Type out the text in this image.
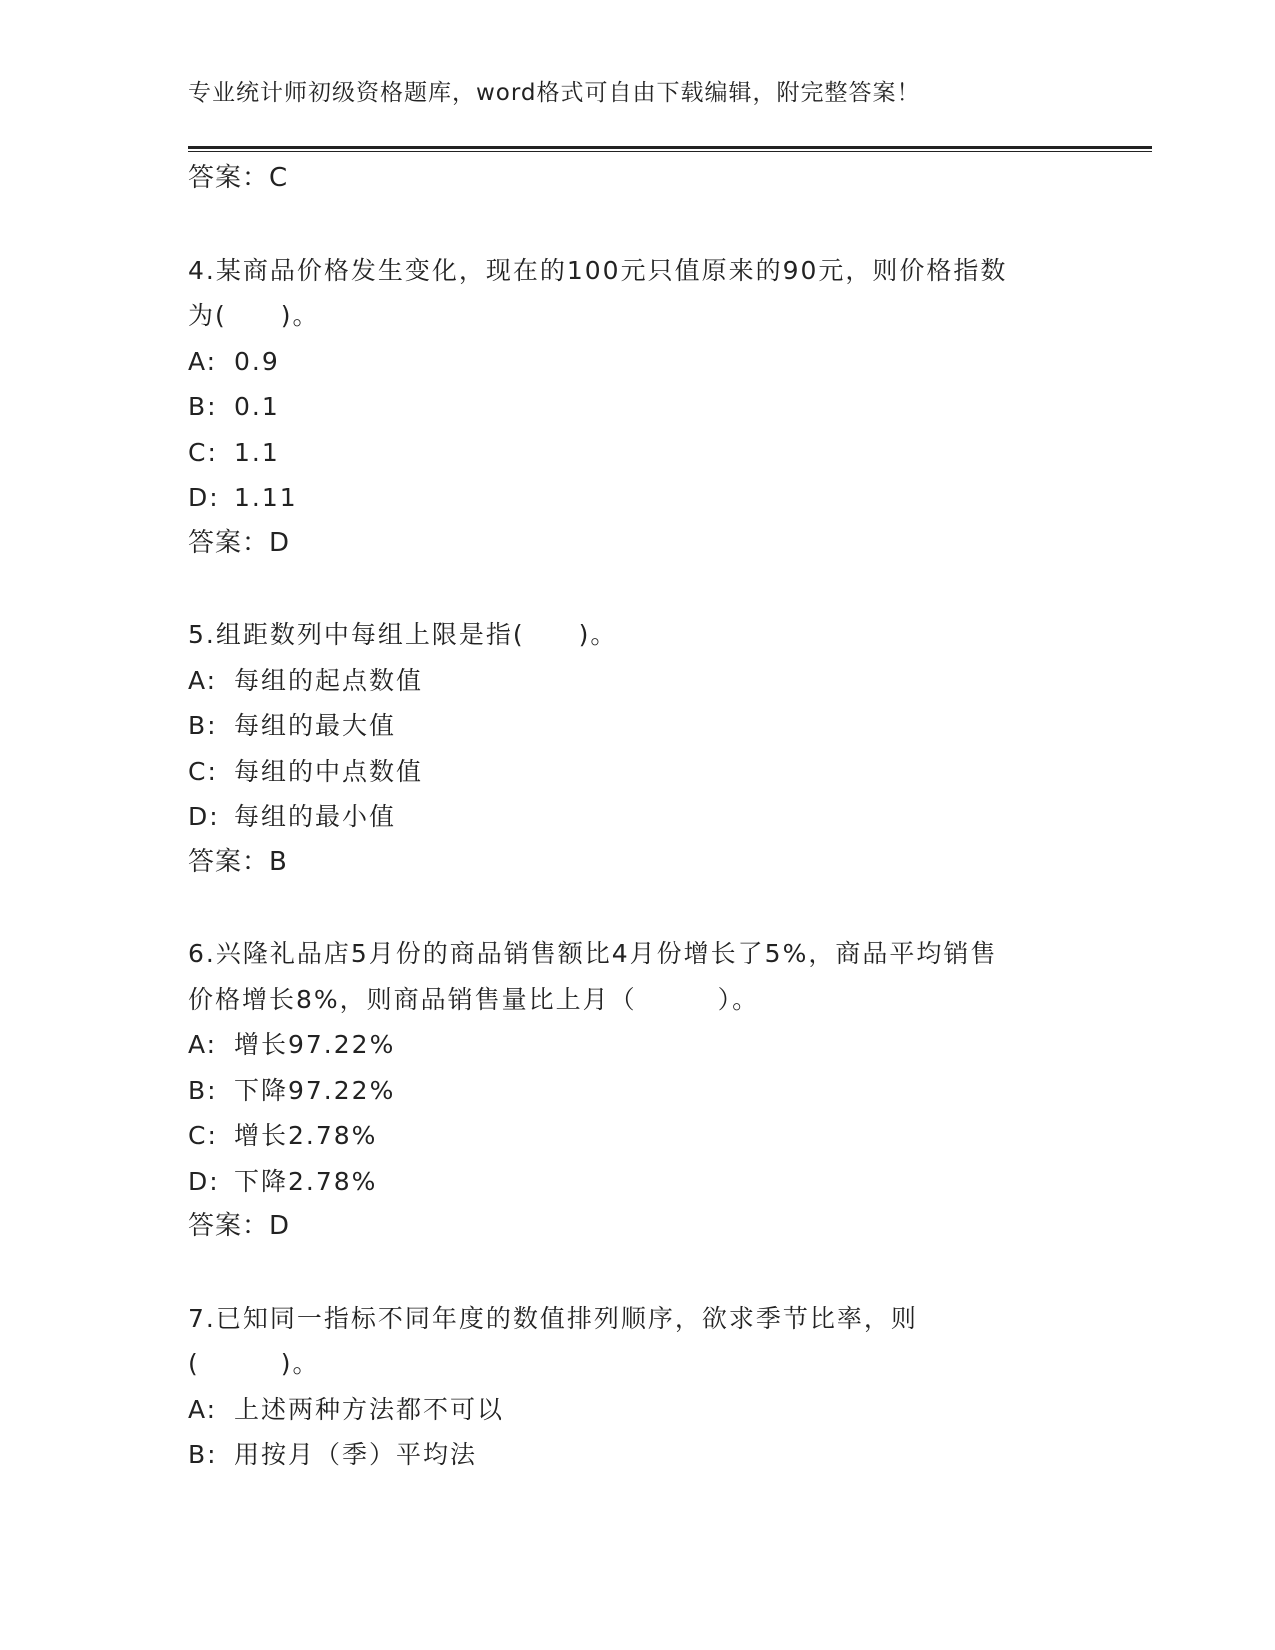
专业统计师初级资格题库，word格式可自由下载编辑，附完整答案！
答案：C
4.某商品价格发生变化，现在的100元只值原来的90元，则价格指数
为(　　)。
A: 0.9
B: 0.1
C: 1.1
D: 1.11
答案：D
5.组距数列中每组上限是指(　　)。
A: 每组的起点数值
B: 每组的最大值
C: 每组的中点数值
D: 每组的最小值
答案：B
6.兴隆礼品店5月份的商品销售额比4月份增长了5%，商品平均销售
价格增长8%，则商品销售量比上月（　　　）。
A: 增长97.22%
B: 下降97.22%
C: 增长2.78%
D: 下降2.78%
答案：D
7.已知同一指标不同年度的数值排列顺序，欲求季节比率，则
(　　　)。
A: 上述两种方法都不可以
B: 用按月（季）平均法
